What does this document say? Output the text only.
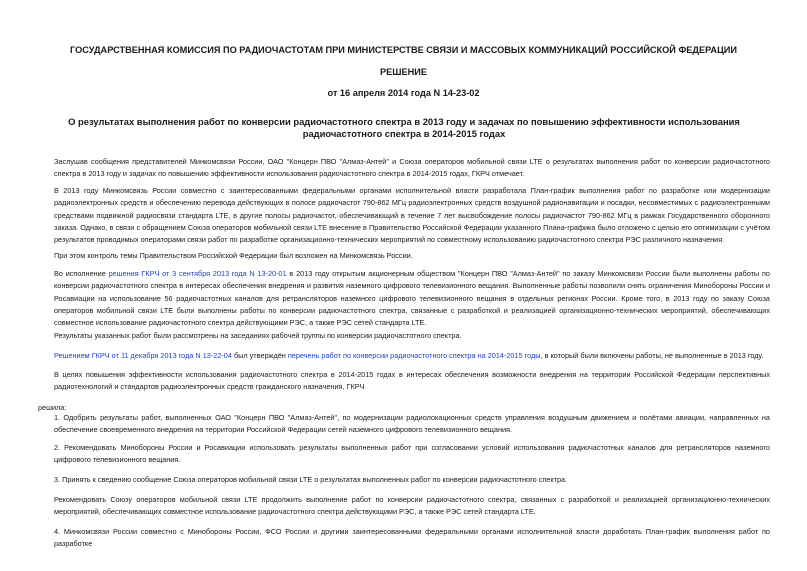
ГОСУДАРСТВЕННАЯ КОМИССИЯ ПО РАДИОЧАСТОТАМ ПРИ МИНИСТЕРСТВЕ СВЯЗИ И МАССОВЫХ КОММУНИКАЦИЙ РОССИЙСКОЙ ФЕДЕРАЦИИ
РЕШЕНИЕ
от 16 апреля 2014 года N 14-23-02
О результатах выполнения работ по конверсии радиочастотного спектра в 2013 году и задачах по повышению эффективности использования радиочастотного спектра в 2014-2015 годах

Заслушав сообщения представителей Минкомсвязи России, ОАО "Концерн ПВО "Алмаз-Антей" и Союза операторов мобильной связи LTE о результатах выполнения работ по конверсии радиочастотного спектра в 2013 году и задачах по повышению эффективности использования радиочастотного спектра в 2014-2015 годах, ГКРЧ отмечает.

В 2013 году Минкомсвязь России совместно с заинтересованными федеральными органами исполнительной власти разработала План-график выполнения работ по разработке или модернизации радиоэлектронных средств и обеспечению перевода действующих в полосе радиочастот 790-862 МГц радиоэлектронных средств воздушной радионавигации и посадки, несовместимых с радиоэлектронными средствами подвижной радиосвязи стандарта LTE, в другие полосы радиочастот, обеспечивающий в течение 7 лет высвобождение полосы радиочастот 790-862 МГц в рамках Государственного оборонного заказа. Однако, в связи с обращением Союза операторов мобильной связи LTE внесение в Правительство Российской Федерации указанного Плана-графика было отложено с целью его оптимизации с учётом результатов проводимых операторами связи работ по разработке организационно-технических мероприятий по совместному использованию радиочастотного спектра РЭС различного назначения.

При этом контроль темы Правительством Российской Федерации был возложен на Минкомсвязь России.

Во исполнение решения ГКРЧ от 3 сентября 2013 года N 13-20-01 в 2013 году открытым акционерным обществом "Концерн ПВО "Алмаз-Антей" по заказу Минкомсвязи России были выполнены работы по конверсии радиочастотного спектра в интересах обеспечения внедрения и развития наземного цифрового телевизионного вещания. Выполненные работы позволили снять ограничения Минобороны России и Росавиации на использование 56 радиочастотных каналов для ретрансляторов наземного цифрового телевизионного вещания в отдельных регионах России. Кроме того, в 2013 году по заказу Союза операторов мобильной связи LTE были выполнены работы по конверсии радиочастотного спектра, связанные с разработкой и реализацией организационно-технических мероприятий, обеспечивающих совместное использование радиочастотного спектра действующими РЭС, а также РЭС сетей стандарта LTE.

Результаты указанных работ были рассмотрены на заседаниях рабочей группы по конверсии радиочастотного спектра.

Решением ГКРЧ от 11 декабря 2013 года N 13-22-04 был утверждён перечень работ по конверсии радиочастотного спектра на 2014-2015 годы, в который были включены работы, не выполненные в 2013 году.

В целях повышения эффективности использования радиочастотного спектра в 2014-2015 годах в интересах обеспечения возможности внедрения на территории Российской Федерации перспективных радиотехнологий и стандартов радиоэлектронных средств гражданского назначения, ГКРЧ

решила:

1. Одобрить результаты работ, выполненных ОАО "Концерн ПВО "Алмаз-Антей", по модернизации радиолокационных средств управления воздушным движением и полётами авиации, направленных на обеспечение своевременного внедрения на территории Российской Федерации сетей наземного цифрового телевизионного вещания.

2. Рекомендовать Минобороны России и Росавиации использовать результаты выполненных работ при согласовании условий использования радиочастотных каналов для ретрансляторов наземного цифрового телевизионного вещания.

3. Принять к сведению сообщение Союза операторов мобильной связи LTE о результатах выполненных работ по конверсии радиочастотного спектра.

Рекомендовать Союзу операторов мобильной связи LTE продолжить выполнение работ по конверсии радиочастотного спектра, связанных с разработкой и реализацией организационно-технических мероприятий, обеспечивающих совместное использование радиочастотного спектра действующими РЭС, а также РЭС сетей стандарта LTE.

4. Минкомсвязи России совместно с Минобороны России, ФСО России и другими заинтересованными федеральными органами исполнительной власти доработать План-график выполнения работ по разработке
